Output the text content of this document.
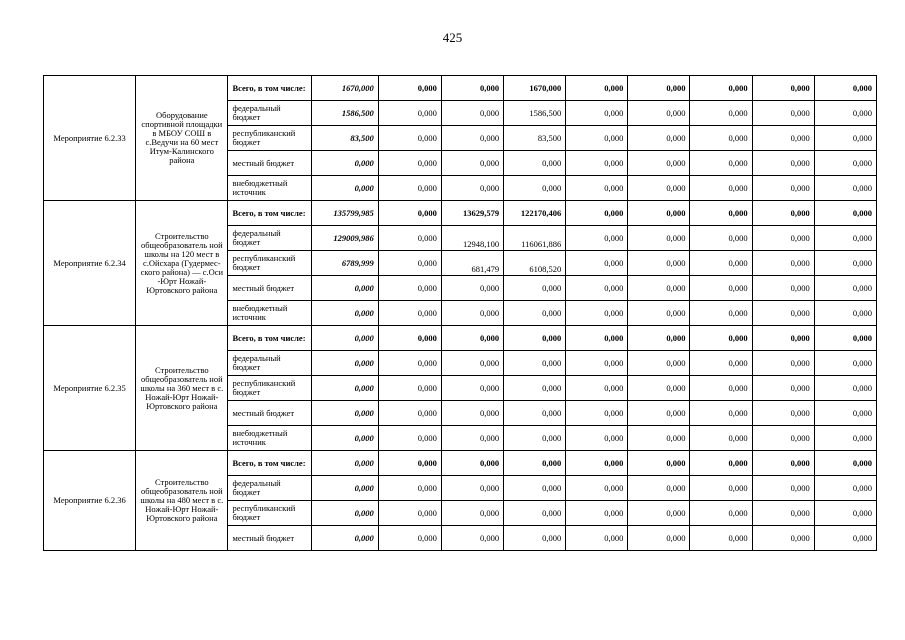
425
Мероприятие 6.2.33	Оборудование спортивной площадки в МБОУ СОШ в с.Ведучи на 60 мест Итум-Калинского района	Всего, в том числе:	1670,000	0,000	0,000	1670,000	0,000	0,000	0,000	0,000	0,000
		федеральный бюджет	1586,500	0,000	0,000	1586,500	0,000	0,000	0,000	0,000	0,000
		республиканский бюджет	83,500	0,000	0,000	83,500	0,000	0,000	0,000	0,000	0,000
		местный бюджет	0,000	0,000	0,000	0,000	0,000	0,000	0,000	0,000	0,000
		внебюджетный источник	0,000	0,000	0,000	0,000	0,000	0,000	0,000	0,000	0,000
Мероприятие 6.2.34	Строительство общеобразователь ной школы на 120 мест в с.Ойсхара (Гудермес-ского района) — с.Оси -Юрт Ножай-Юртовского района	Всего, в том числе:	135799,985	0,000	13629,579	122170,406	0,000	0,000	0,000	0,000	0,000
		федеральный бюджет	129009,986	0,000	12948,100	116061,886	0,000	0,000	0,000	0,000	0,000
		республиканский бюджет	6789,999	0,000	681,479	6108,520	0,000	0,000	0,000	0,000	0,000
		местный бюджет	0,000	0,000	0,000	0,000	0,000	0,000	0,000	0,000	0,000
		внебюджетный источник	0,000	0,000	0,000	0,000	0,000	0,000	0,000	0,000	0,000
Мероприятие 6.2.35	Строительство общеобразователь ной школы на 360 мест в с. Ножай-Юрт Ножай-Юртовского района	Всего, в том числе:	0,000	0,000	0,000	0,000	0,000	0,000	0,000	0,000	0,000
		федеральный бюджет	0,000	0,000	0,000	0,000	0,000	0,000	0,000	0,000	0,000
		республиканский бюджет	0,000	0,000	0,000	0,000	0,000	0,000	0,000	0,000	0,000
		местный бюджет	0,000	0,000	0,000	0,000	0,000	0,000	0,000	0,000	0,000
		внебюджетный источник	0,000	0,000	0,000	0,000	0,000	0,000	0,000	0,000	0,000
Мероприятие 6.2.36	Строительство общеобразователь ной школы на 480 мест в с. Ножай-Юрт Ножай-Юртовского района	Всего, в том числе:	0,000	0,000	0,000	0,000	0,000	0,000	0,000	0,000	0,000
		федеральный бюджет	0,000	0,000	0,000	0,000	0,000	0,000	0,000	0,000	0,000
		республиканский бюджет	0,000	0,000	0,000	0,000	0,000	0,000	0,000	0,000	0,000
		местный бюджет	0,000	0,000	0,000	0,000	0,000	0,000	0,000	0,000	0,000
